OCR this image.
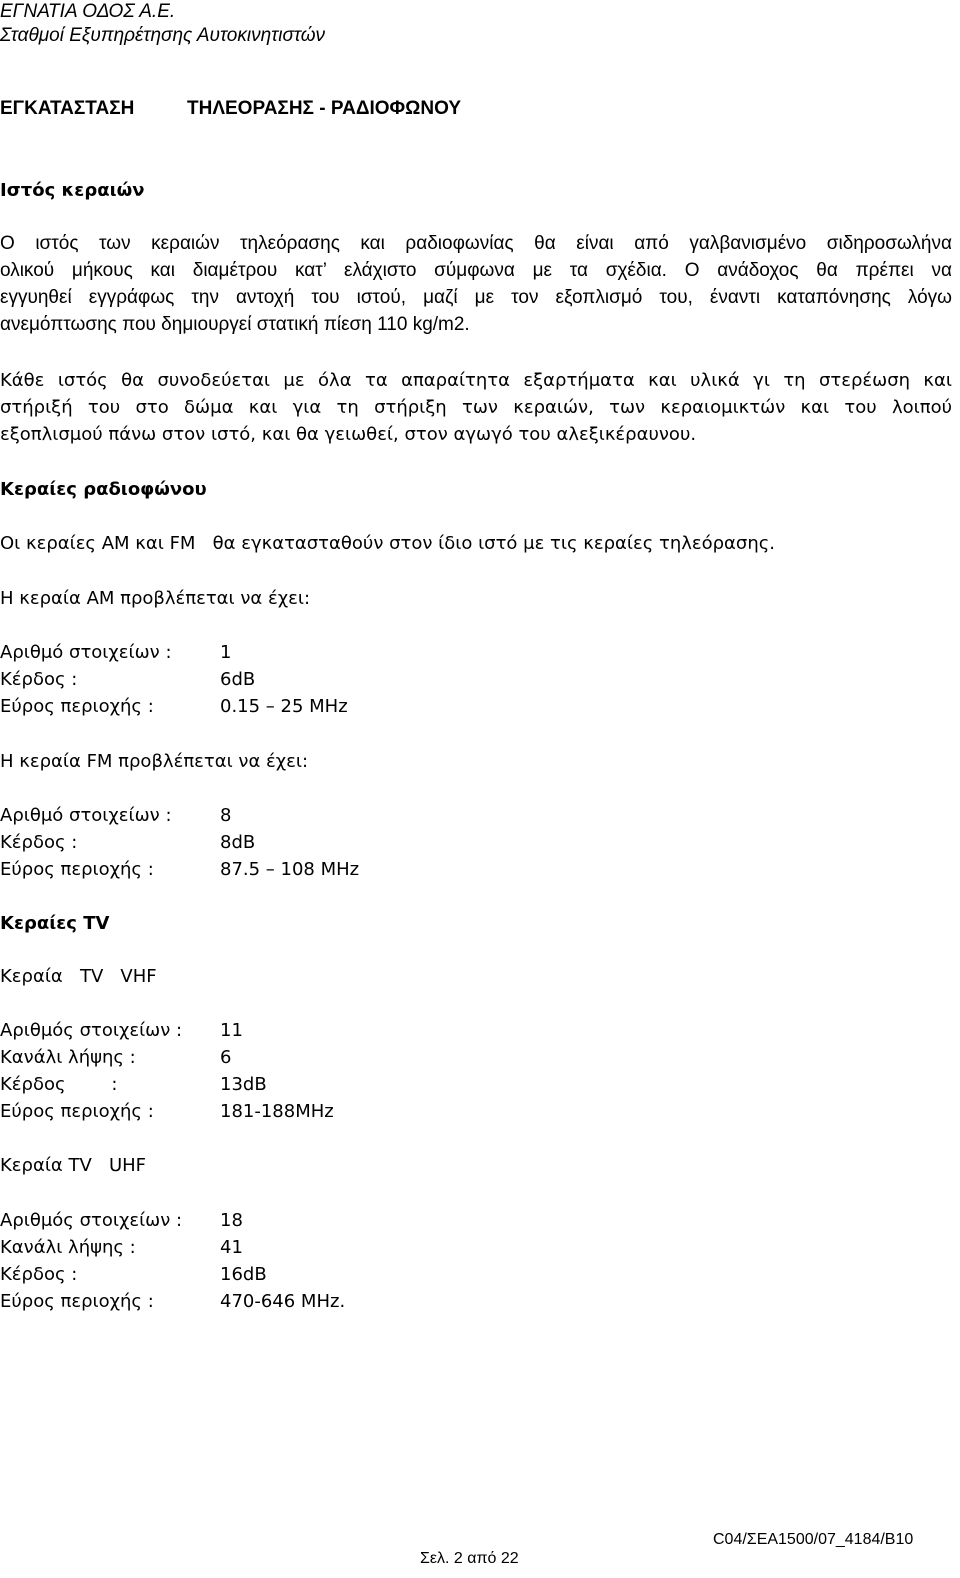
ΕΓΝΑΤΙΑ ΟΔΟΣ Α.Ε.
Σταθμοί Εξυπηρέτησης Αυτοκινητιστών
ΕΓΚΑΤΑΣΤΑΣΗ	ΤΗΛΕΟΡΑΣΗΣ - ΡΑΔΙΟΦΩΝΟΥ
Ιστός κεραιών
Ο ιστός των κεραιών τηλεόρασης και ραδιοφωνίας θα είναι από γαλβανισμένο σιδηροσωλήνα
ολικού μήκους και διαμέτρου κατ’ ελάχιστο σύμφωνα με τα σχέδια. Ο ανάδοχος θα πρέπει να
εγγυηθεί εγγράφως την αντοχή του ιστού, μαζί με τον εξοπλισμό του, έναντι καταπόνησης λόγω
ανεμόπτωσης που δημιουργεί στατική πίεση 110 kg/m2.
Κάθε ιστός θα συνοδεύεται με όλα τα απαραίτητα εξαρτήματα και υλικά γι τη στερέωση και
στήριξή του στο δώμα και για τη στήριξη των κεραιών, των κεραιομικτών και του λοιπού
εξοπλισμού πάνω στον ιστό, και θα γειωθεί, στον αγωγό του αλεξικέραυνου.
Κεραίες ραδιοφώνου
Οι κεραίες ΑΜ και FM   θα εγκατασταθούν στον ίδιο ιστό με τις κεραίες τηλεόρασης.
Η κεραία ΑΜ προβλέπεται να έχει:
Αριθμό στοιχείων :	1
Κέρδος :	6dB
Εύρος περιοχής :	0.15 – 25 MHz
Η κεραία FM προβλέπεται να έχει:
Αριθμό στοιχείων :	8
Κέρδος :	8dB
Εύρος περιοχής :	87.5 – 108 MHz
Κεραίες TV
Κεραία   TV   VHF
Αριθμός στοιχείων : 11
Κανάλι λήψης :	6
Κέρδος        :	13dB
Εύρος περιοχής :	181-188MHz
Κεραία TV   UHF
Αριθμός στοιχείων : 18
Κανάλι λήψης :	41
Κέρδος :	16dB
Εύρος περιοχής :	470-646 MHz.
C04/ΣΕΑ1500/07_4184/Β10
Σελ. 2 από 22
